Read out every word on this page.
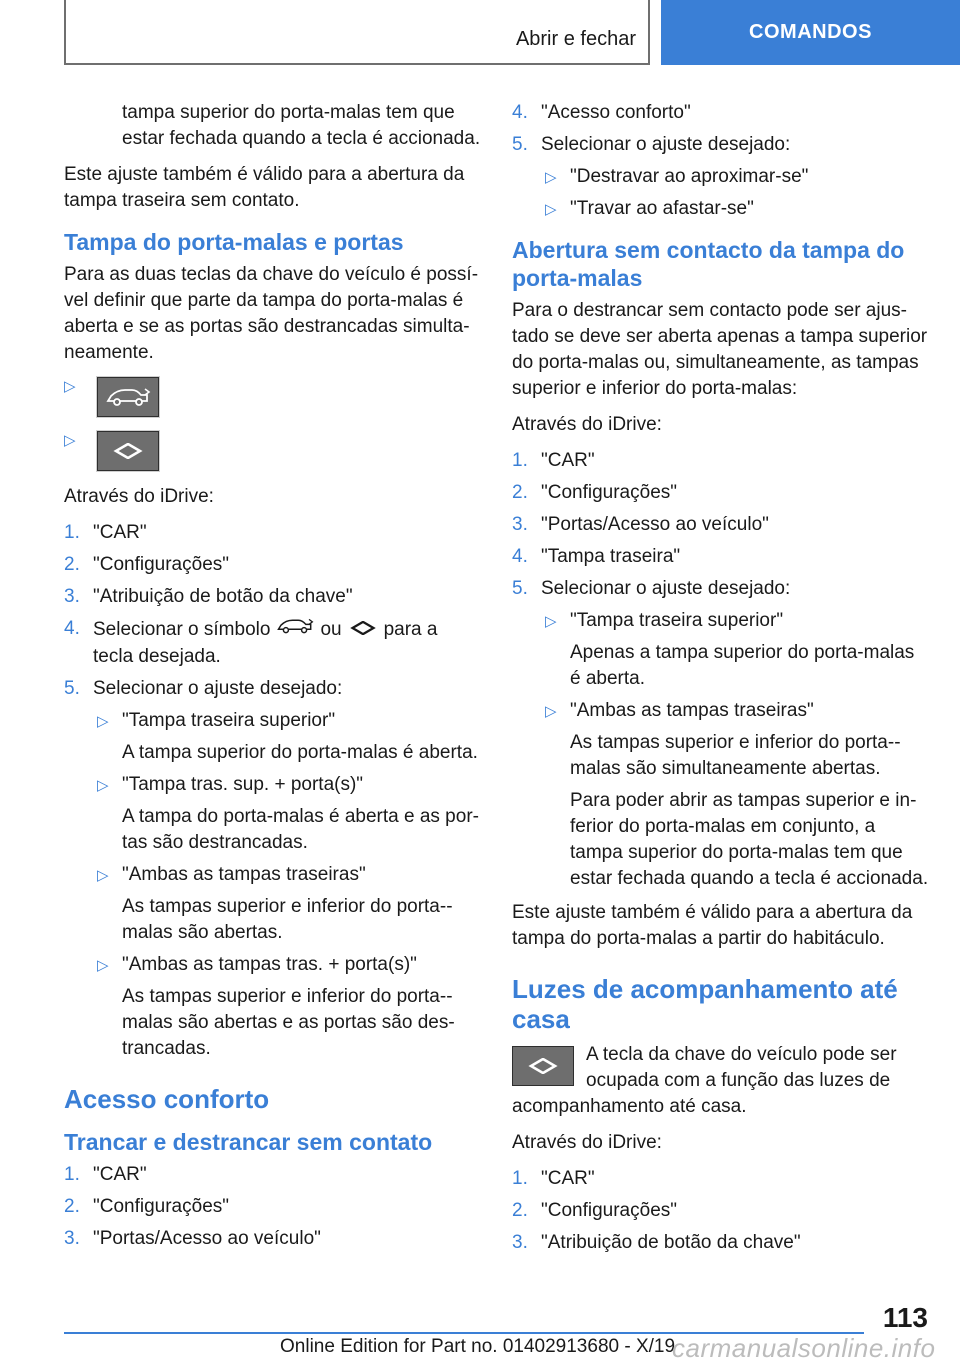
Abrir e fechar	COMANDOS

tampa superior do porta-malas tem que estar fechada quando a tecla é accionada.

Este ajuste também é válido para a abertura da tampa traseira sem contato.

Tampa do porta-malas e portas

Para as duas teclas da chave do veículo é possível definir que parte da tampa do porta-malas é aberta e se as portas são destrancadas simultaneamente.

▷
▷

Através do iDrive:

1. "CAR"
2. "Configurações"
3. "Atribuição de botão da chave"
4. Selecionar o símbolo	ou para a tecla desejada.
5. Selecionar o ajuste desejado:
▷ "Tampa traseira superior"
A tampa superior do porta-malas é aberta.
▷ "Tampa tras. sup. + porta(s)"
A tampa do porta-malas é aberta e as portas são destrancadas.
▷ "Ambas as tampas traseiras"
As tampas superior e inferior do porta--malas são abertas.
▷ "Ambas as tampas tras. + porta(s)"
As tampas superior e inferior do porta--malas são abertas e as portas são destrancadas.
Acesso conforto
Trancar e destrancar sem contato
1. "CAR"
2. "Configurações"
3. "Portas/Acesso ao veículo"
4. "Acesso conforto"
5. Selecionar o ajuste desejado:
▷ "Destravar ao aproximar-se"
▷ "Travar ao afastar-se"
Abertura sem contacto da tampa do porta-malas

Para o destrancar sem contacto pode ser ajustado se deve ser aberta apenas a tampa superior do porta-malas ou, simultaneamente, as tampas superior e inferior do porta-malas:

Através do iDrive:

1. "CAR"
2. "Configurações"
3. "Portas/Acesso ao veículo"
4. "Tampa traseira"
5. Selecionar o ajuste desejado:
▷ "Tampa traseira superior"
Apenas a tampa superior do porta-malas é aberta.
▷ "Ambas as tampas traseiras"
As tampas superior e inferior do porta--malas são simultaneamente abertas.
Para poder abrir as tampas superior e inferior do porta-malas em conjunto, a tampa superior do porta-malas tem que estar fechada quando a tecla é accionada.

Este ajuste também é válido para a abertura da tampa do porta-malas a partir do habitáculo.

Luzes de acompanhamento até casa
A tecla da chave do veículo pode ser ocupada com a função das luzes de acompanhamento até casa.

Através do iDrive:

1. "CAR"
2. "Configurações"
3. "Atribuição de botão da chave"
113
Online Edition for Part no. 01402913680 - X/19
carmanualsonline.info
